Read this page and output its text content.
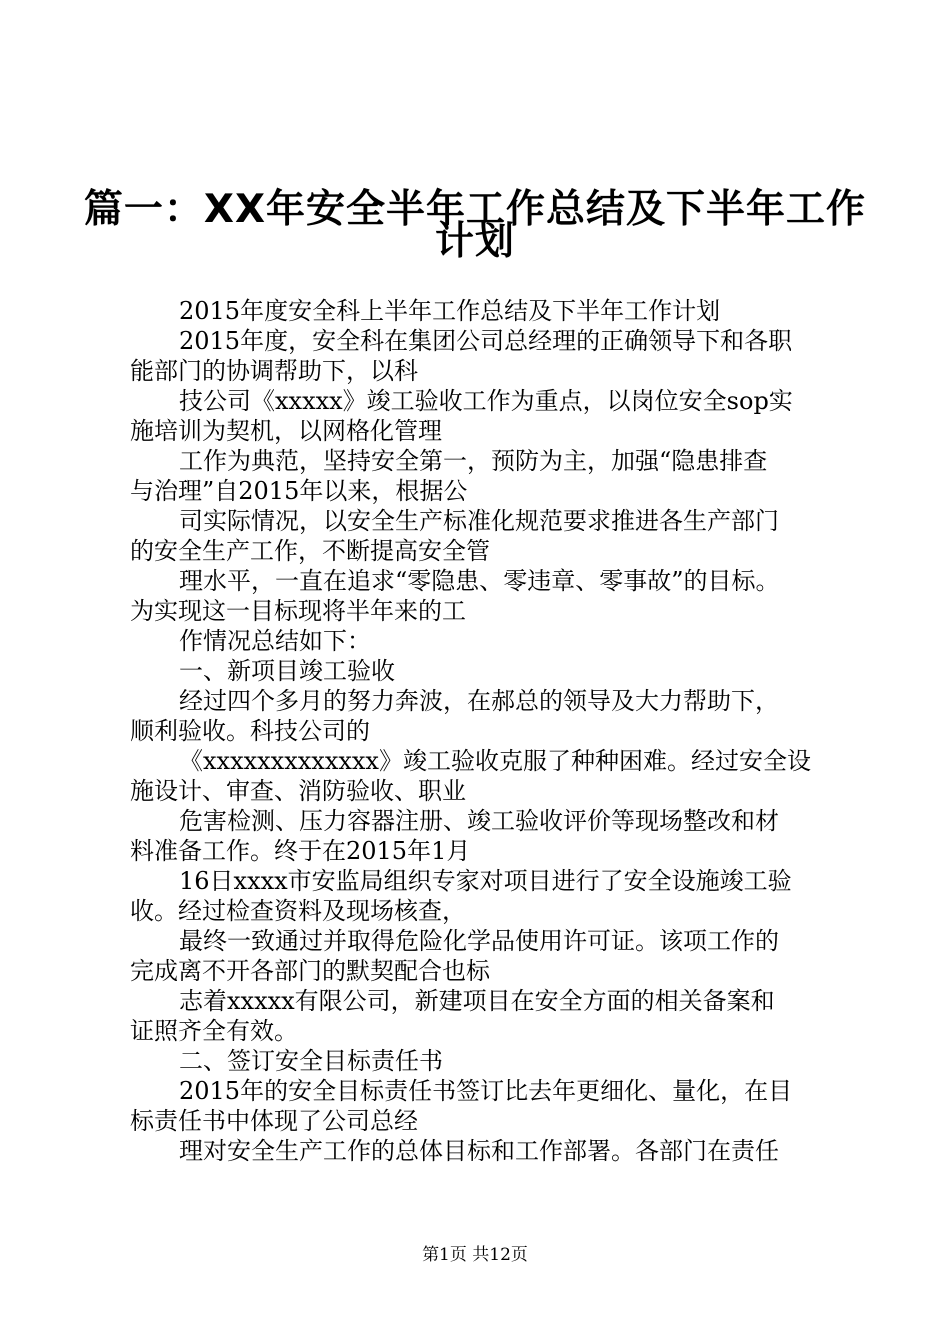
篇一：XX年安全半年工作总结及下半年工作
计划
2015年度安全科上半年工作总结及下半年工作计划
2015年度，安全科在集团公司总经理的正确领导下和各职
能部门的协调帮助下，以科
技公司《xxxxx》竣工验收工作为重点，以岗位安全sop实
施培训为契机，以网格化管理
工作为典范，坚持安全第一，预防为主，加强“隐患排查
与治理”自2015年以来，根据公
司实际情况，以安全生产标准化规范要求推进各生产部门
的安全生产工作，不断提高安全管
理水平，一直在追求“零隐患、零违章、零事故”的目标。
为实现这一目标现将半年来的工
作情况总结如下：
一、新项目竣工验收
经过四个多月的努力奔波，在郝总的领导及大力帮助下，
顺利验收。科技公司的
《xxxxxxxxxxxxx》竣工验收克服了种种困难。经过安全设
施设计、审查、消防验收、职业
危害检测、压力容器注册、竣工验收评价等现场整改和材
料准备工作。终于在2015年1月
16日xxxx市安监局组织专家对项目进行了安全设施竣工验
收。经过检查资料及现场核查，
最终一致通过并取得危险化学品使用许可证。该项工作的
完成离不开各部门的默契配合也标
志着xxxxx有限公司，新建项目在安全方面的相关备案和
证照齐全有效。
二、签订安全目标责任书
2015年的安全目标责任书签订比去年更细化、量化，在目
标责任书中体现了公司总经
理对安全生产工作的总体目标和工作部署。各部门在责任
第1页 共12页
